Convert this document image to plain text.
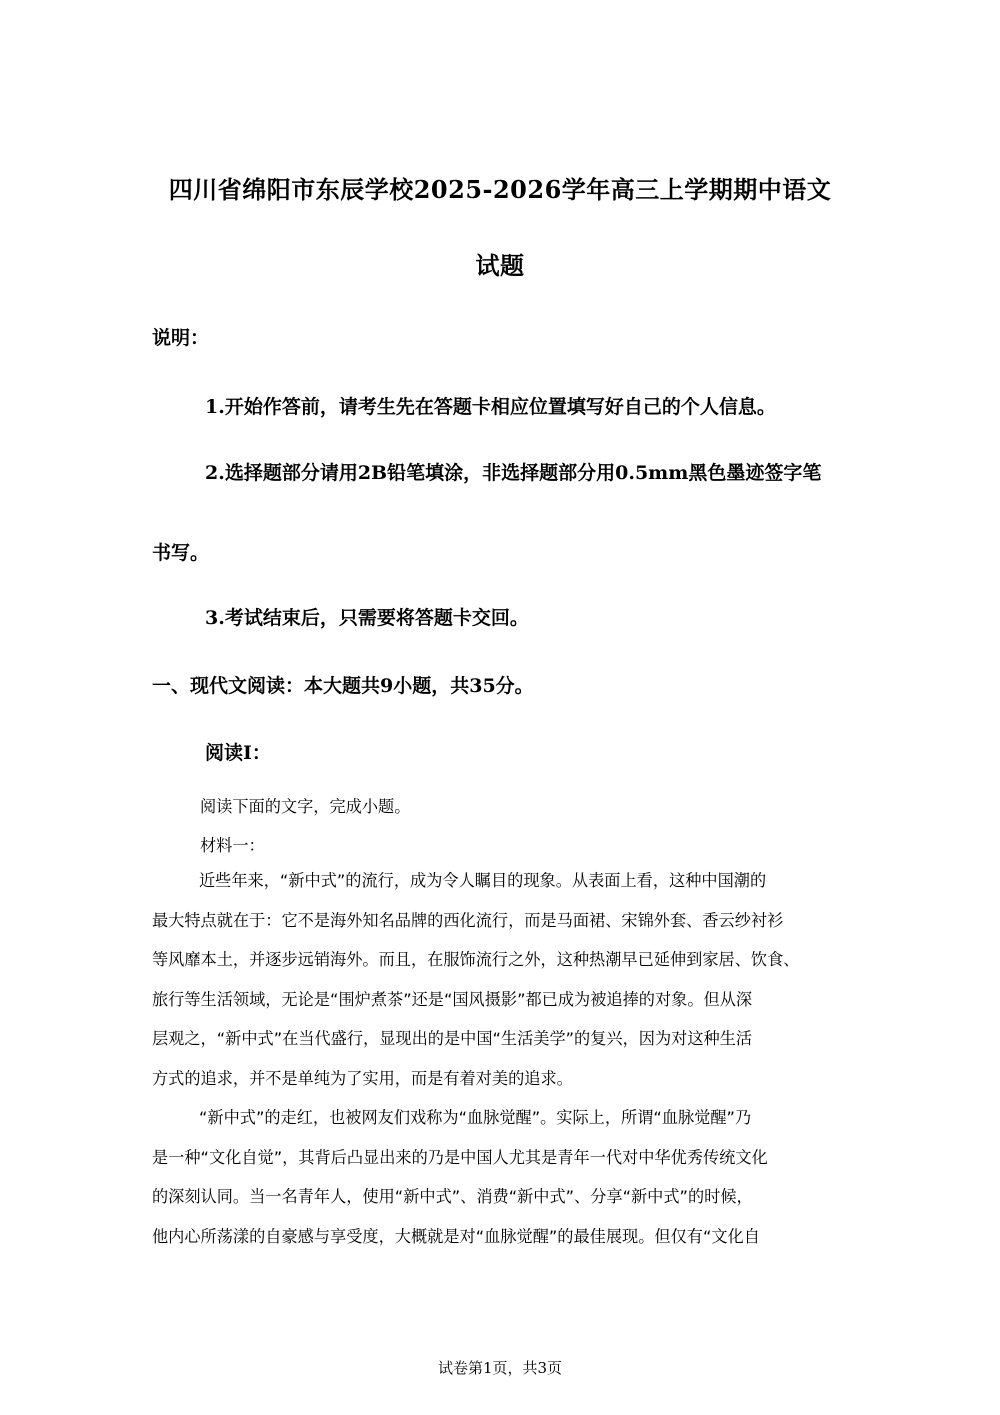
四川省绵阳市东辰学校2025-2026学年高三上学期期中语文
试题
说明：
1.开始作答前，请考生先在答题卡相应位置填写好自己的个人信息。
2.选择题部分请用2B铅笔填涂，非选择题部分用0.5mm黑色墨迹签字笔
书写。
3.考试结束后，只需要将答题卡交回。
一、现代文阅读：本大题共9小题，共35分。
阅读I：
阅读下面的文字，完成小题。
材料一：
近些年来，“新中式”的流行，成为令人瞩目的现象。从表面上看，这种中国潮的
最大特点就在于：它不是海外知名品牌的西化流行，而是马面裙、宋锦外套、香云纱衬衫
等风靡本土，并逐步远销海外。而且，在服饰流行之外，这种热潮早已延伸到家居、饮食、
旅行等生活领域，无论是“围炉煮茶”还是“国风摄影”都已成为被追捧的对象。但从深
层观之，“新中式”在当代盛行，显现出的是中国“生活美学”的复兴，因为对这种生活
方式的追求，并不是单纯为了实用，而是有着对美的追求。
“新中式”的走红，也被网友们戏称为“血脉觉醒”。实际上，所谓“血脉觉醒”乃
是一种“文化自觉”，其背后凸显出来的乃是中国人尤其是青年一代对中华优秀传统文化
的深刻认同。当一名青年人，使用“新中式”、消费“新中式”、分享“新中式”的时候，
他内心所荡漾的自豪感与享受度，大概就是对“血脉觉醒”的最佳展现。但仅有“文化自
试卷第1页，共3页
